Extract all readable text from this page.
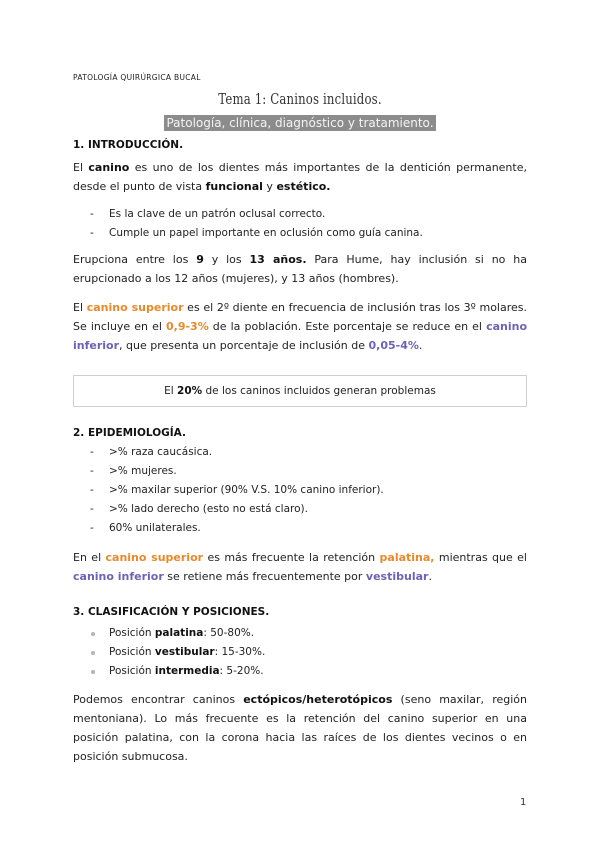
PATOLOGÍA QUIRÚRGICA BUCAL
Tema 1: Caninos incluidos.
Patología, clínica, diagnóstico y tratamiento.
1. INTRODUCCIÓN.
El canino es uno de los dientes más importantes de la dentición permanente, desde el punto de vista funcional y estético.
- Es la clave de un patrón oclusal correcto.
- Cumple un papel importante en oclusión como guía canina.
Erupciona entre los 9 y los 13 años. Para Hume, hay inclusión si no ha erupcionado a los 12 años (mujeres), y 13 años (hombres).
El canino superior es el 2º diente en frecuencia de inclusión tras los 3º molares. Se incluye en el 0,9-3% de la población. Este porcentaje se reduce en el canino inferior, que presenta un porcentaje de inclusión de 0,05-4%.
El 20% de los caninos incluidos generan problemas
2. EPIDEMIOLOGÍA.
- >% raza caucásica.
- >% mujeres.
- >% maxilar superior (90% V.S. 10% canino inferior).
- >% lado derecho (esto no está claro).
- 60% unilaterales.
En el canino superior es más frecuente la retención palatina, mientras que el canino inferior se retiene más frecuentemente por vestibular.
3. CLASIFICACIÓN Y POSICIONES.
Posición palatina: 50-80%.
Posición vestibular: 15-30%.
Posición intermedia: 5-20%.
Podemos encontrar caninos ectópicos/heterotópicos (seno maxilar, región mentoniana). Lo más frecuente es la retención del canino superior en una posición palatina, con la corona hacia las raíces de los dientes vecinos o en posición submucosa.
1
